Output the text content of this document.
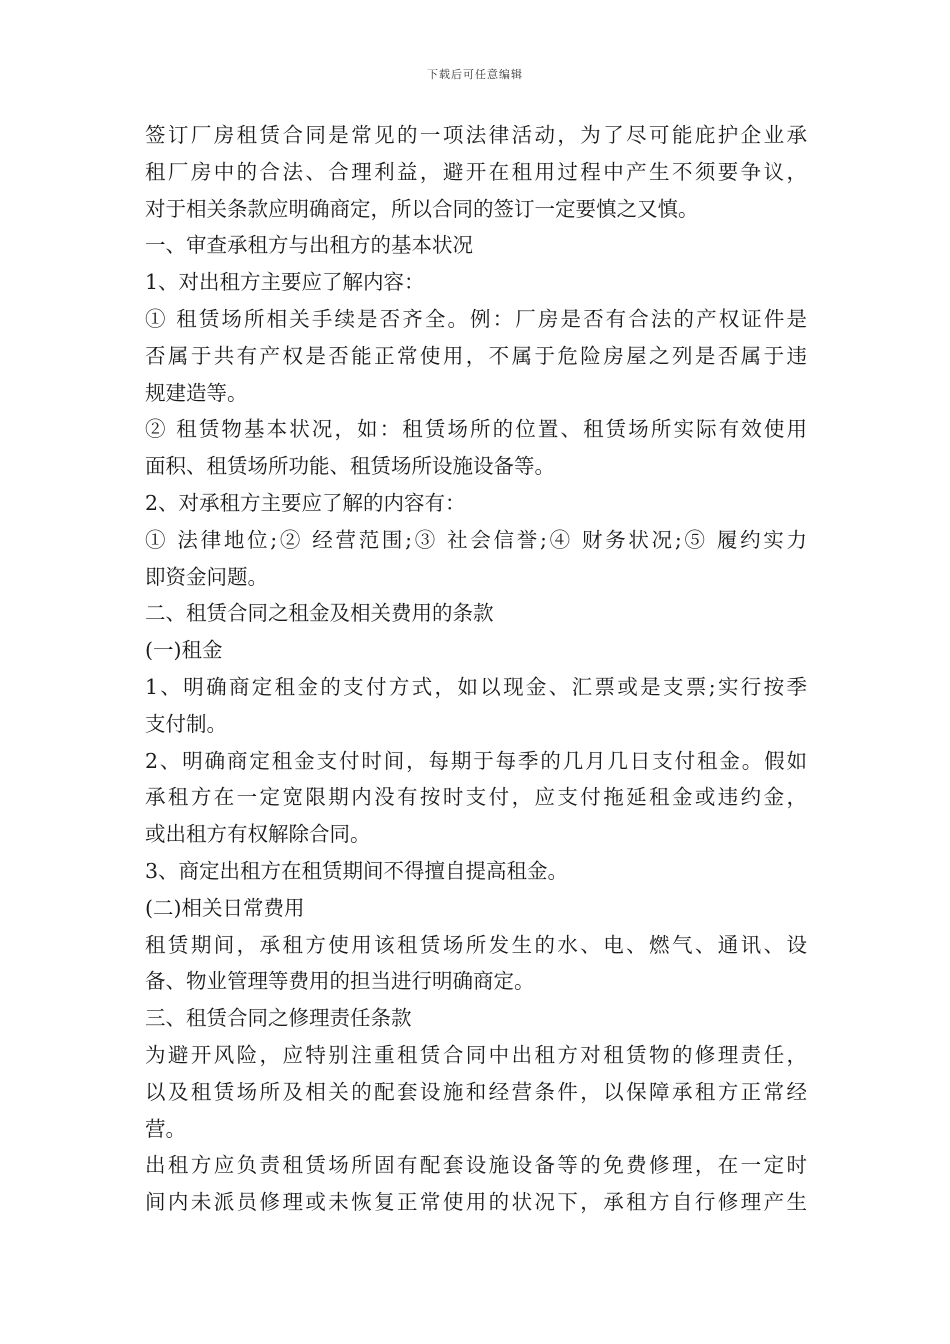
下载后可任意编辑
签订厂房租赁合同是常见的一项法律活动，为了尽可能庇护企业承
租厂房中的合法、合理利益，避开在租用过程中产生不须要争议，
对于相关条款应明确商定，所以合同的签订一定要慎之又慎。
一、审查承租方与出租方的基本状况
1、对出租方主要应了解内容：
① 租赁场所相关手续是否齐全。例：厂房是否有合法的产权证件是
否属于共有产权是否能正常使用，不属于危险房屋之列是否属于违
规建造等。
② 租赁物基本状况，如：租赁场所的位置、租赁场所实际有效使用
面积、租赁场所功能、租赁场所设施设备等。
2、对承租方主要应了解的内容有：
① 法律地位;② 经营范围;③ 社会信誉;④ 财务状况;⑤ 履约实力
即资金问题。
二、租赁合同之租金及相关费用的条款
(一)租金
1、明确商定租金的支付方式，如以现金、汇票或是支票;实行按季
支付制。
2、明确商定租金支付时间，每期于每季的几月几日支付租金。假如
承租方在一定宽限期内没有按时支付，应支付拖延租金或违约金，
或出租方有权解除合同。
3、商定出租方在租赁期间不得擅自提高租金。
(二)相关日常费用
租赁期间，承租方使用该租赁场所发生的水、电、燃气、通讯、设
备、物业管理等费用的担当进行明确商定。
三、租赁合同之修理责任条款
为避开风险，应特别注重租赁合同中出租方对租赁物的修理责任，
以及租赁场所及相关的配套设施和经营条件，以保障承租方正常经
营。
出租方应负责租赁场所固有配套设施设备等的免费修理，在一定时
间内未派员修理或未恢复正常使用的状况下，承租方自行修理产生
